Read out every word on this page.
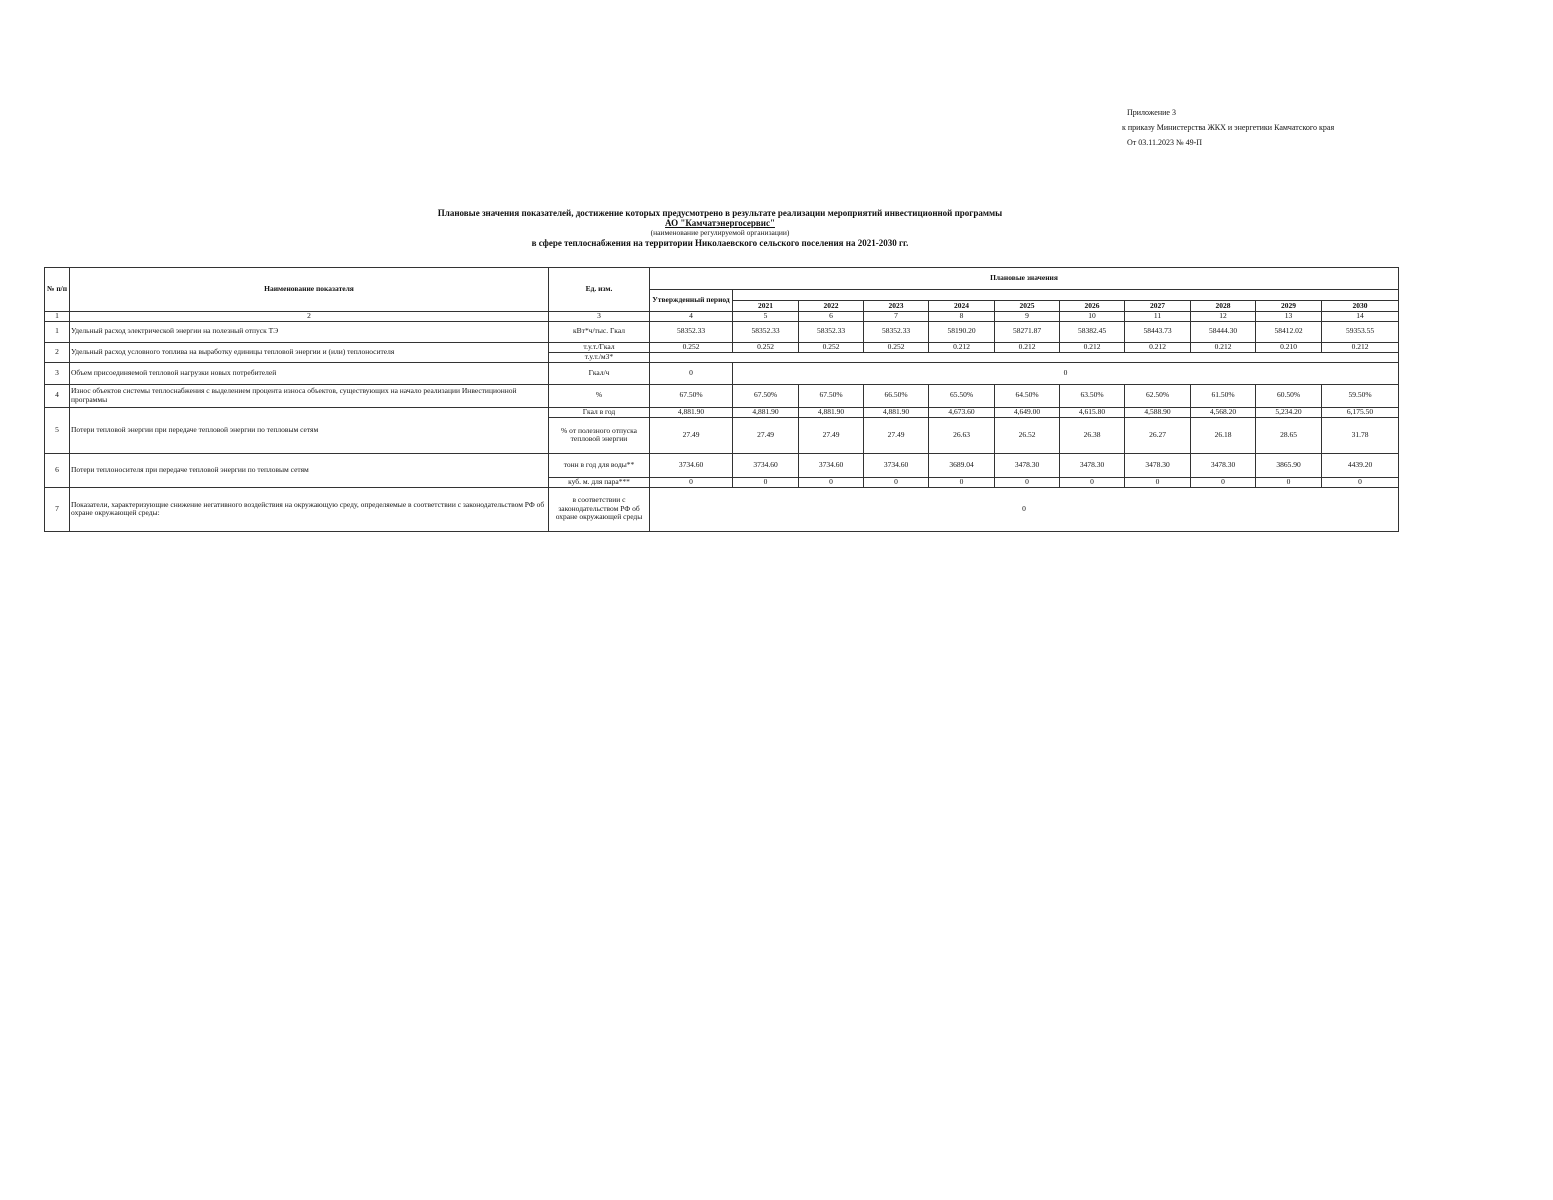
Приложение 3
к приказу Министерства ЖКХ и энергетики Камчатского края
От 03.11.2023 № 49-П
Плановые значения показателей, достижение которых предусмотрено в результате реализации мероприятий инвестиционной программы
АО "Камчатэнергосервис"
(наименование регулируемой организации)
в сфере теплоснабжения на территории Николаевского сельского поселения на 2021-2030 гг.
№ п/п	Наименование показателя	Ед. изм.	Плановые значения										
			Утвержденный период										
				2021	2022	2023	2024	2025	2026	2027	2028	2029	2030
1	2	3	4	5	6	7	8	9	10	11	12	13	14
1	Удельный расход электрической энергии на полезный отпуск ТЭ	кВт*ч/тыс. Гкал	58352.33	58352.33	58352.33	58352.33	58190.20	58271.87	58382.45	58443.73	58444.30	58412.02	59353.55
2	Удельный расход условного топлива на выработку единицы тепловой энергии и (или) теплоносителя	т.у.т./Гкал	0.252	0.252	0.252	0.252	0.212	0.212	0.212	0.212	0.212	0.210	0.212
		т.у.т./м3*											
3	Объем присоединяемой тепловой нагрузки новых потребителей	Гкал/ч	0	0									
4	Износ объектов системы теплоснабжения с выделением процента износа объектов, существующих на начало реализации Инвестиционной программы	%	67.50%	67.50%	67.50%	66.50%	65.50%	64.50%	63.50%	62.50%	61.50%	60.50%	59.50%
5	Потери тепловой энергии при передаче тепловой энергии по тепловым сетям	Гкал в год	4,881.90	4,881.90	4,881.90	4,881.90	4,673.60	4,649.00	4,615.80	4,588.90	4,568.20	5,234.20	6,175.50
		% от полезного отпуска тепловой энергии	27.49	27.49	27.49	27.49	26.63	26.52	26.38	26.27	26.18	28.65	31.78
6	Потери теплоносителя при передаче тепловой энергии по тепловым сетям	тонн в год для воды**	3734.60	3734.60	3734.60	3734.60	3689.04	3478.30	3478.30	3478.30	3478.30	3865.90	4439.20
		куб. м. для пара***	0	0	0	0	0	0	0	0	0	0	0
7	Показатели, характеризующие снижение негативного воздействия на окружающую среду, определяемые в соответствии с законодательством РФ об охране окружающей среды:	в соответствии с законодательством РФ об охране окружающей среды	0										
